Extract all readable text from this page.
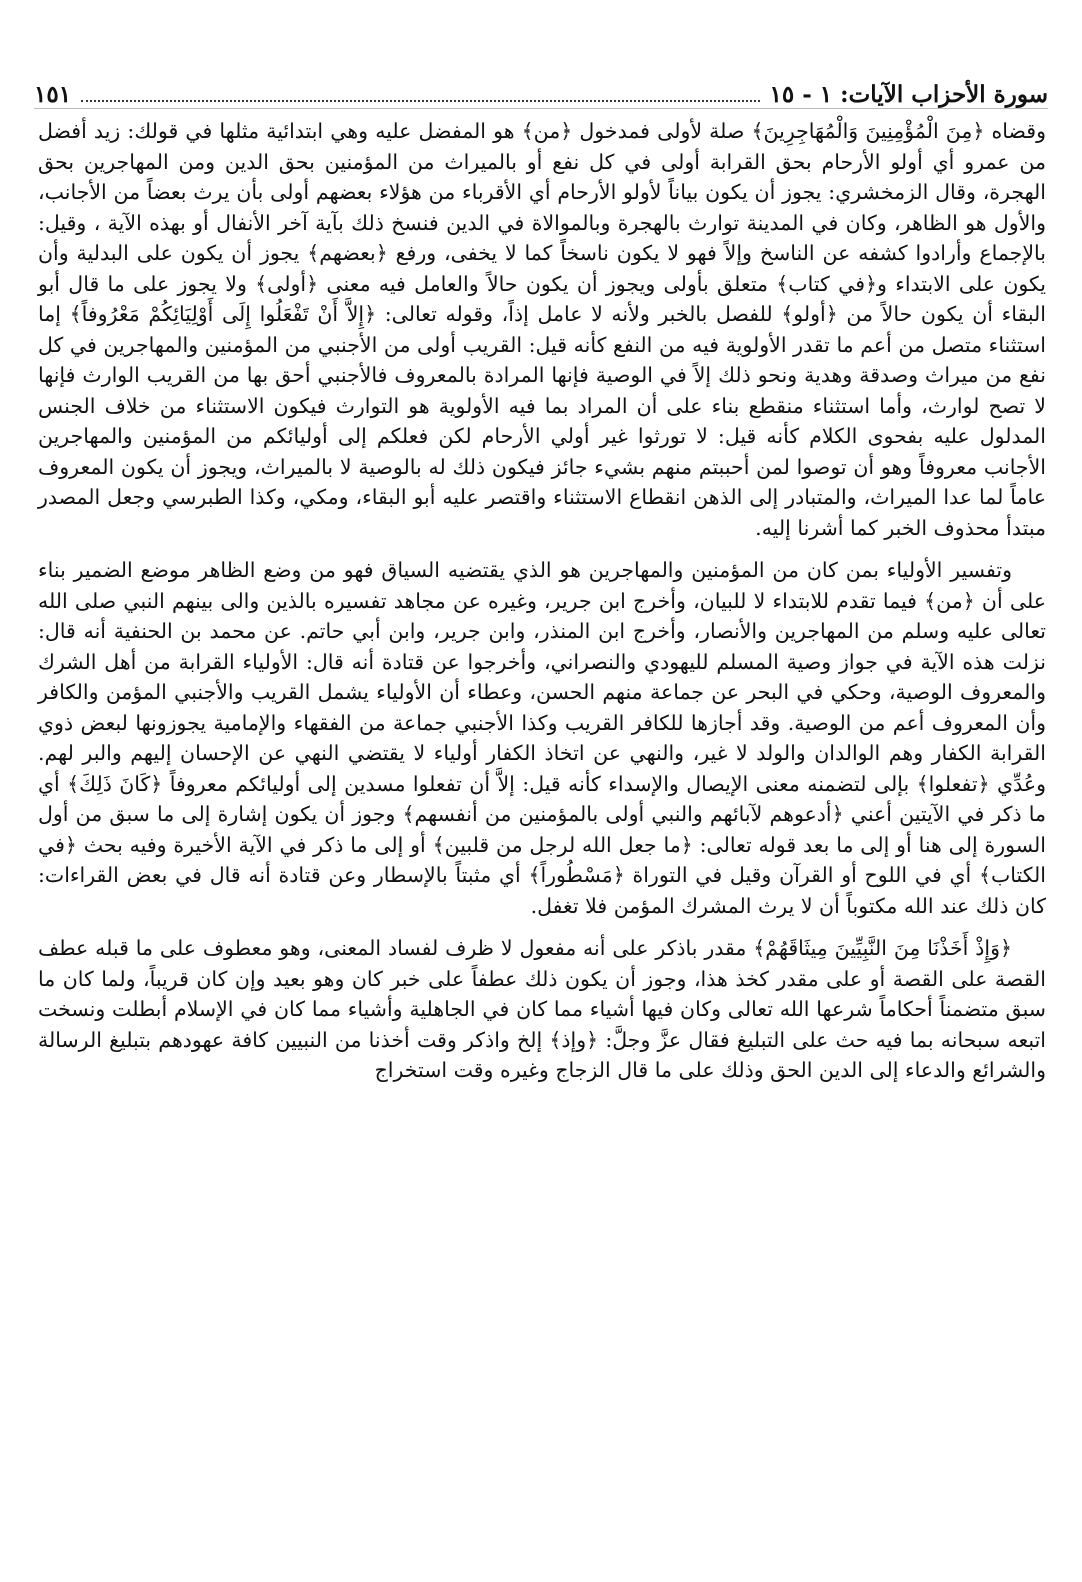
سورة الأحزاب الآيات: ١ - ١٥
١٥١

وقضاه ﴿مِنَ الْمُؤْمِنِينَ وَالْمُهَاجِرِينَ﴾ صلة لأولى فمدخول ﴿من﴾ هو المفضل عليه وهي ابتدائية مثلها في قولك: زيد أفضل من عمرو أي أولو الأرحام بحق القرابة أولى في كل نفع أو بالميراث من المؤمنين بحق الدين ومن المهاجرين بحق الهجرة، وقال الزمخشري: يجوز أن يكون بياناً لأولو الأرحام أي الأقرباء من هؤلاء بعضهم أولى بأن يرث بعضاً من الأجانب، والأول هو الظاهر، وكان في المدينة توارث بالهجرة وبالموالاة في الدين فنسخ ذلك بآية آخر الأنفال أو بهذه الآية ، وقيل: بالإجماع وأرادوا كشفه عن الناسخ وإلاً فهو لا يكون ناسخاً كما لا يخفى، ورفع ﴿بعضهم﴾ يجوز أن يكون على البدلية وأن يكون على الابتداء و﴿في كتاب﴾ متعلق بأولى ويجوز أن يكون حالاً والعامل فيه معنى ﴿أولى﴾ ولا يجوز على ما قال أبو البقاء أن يكون حالاً من ﴿أولو﴾ للفصل بالخبر ولأنه لا عامل إذاً، وقوله تعالى: ﴿إِلاَّ أَنْ تَفْعَلُوا إِلَى أَوْلِيَائِكُمْ مَعْرُوفاً﴾ إما استثناء متصل من أعم ما تقدر الأولوية فيه من النفع كأنه قيل: القريب أولى من الأجنبي من المؤمنين والمهاجرين في كل نفع من ميراث وصدقة وهدية ونحو ذلك إلاً في الوصية فإنها المرادة بالمعروف فالأجنبي أحق بها من القريب الوارث فإنها لا تصح لوارث، وأما استثناء منقطع بناء على أن المراد بما فيه الأولوية هو التوارث فيكون الاستثناء من خلاف الجنس المدلول عليه بفحوى الكلام كأنه قيل: لا تورثوا غير أولي الأرحام لكن فعلكم إلى أوليائكم من المؤمنين والمهاجرين الأجانب معروفاً وهو أن توصوا لمن أحببتم منهم بشيء جائز فيكون ذلك له بالوصية لا بالميراث، ويجوز أن يكون المعروف عاماً لما عدا الميراث، والمتبادر إلى الذهن انقطاع الاستثناء واقتصر عليه أبو البقاء، ومكي، وكذا الطبرسي وجعل المصدر مبتدأ محذوف الخبر كما أشرنا إليه.

وتفسير الأولياء بمن كان من المؤمنين والمهاجرين هو الذي يقتضيه السياق فهو من وضع الظاهر موضع الضمير بناء على أن ﴿من﴾ فيما تقدم للابتداء لا للبيان، وأخرج ابن جرير، وغيره عن مجاهد تفسيره بالذين والى بينهم النبي صلى الله تعالى عليه وسلم من المهاجرين والأنصار، وأخرج ابن المنذر، وابن جرير، وابن أبي حاتم. عن محمد بن الحنفية أنه قال: نزلت هذه الآية في جواز وصية المسلم لليهودي والنصراني، وأخرجوا عن قتادة أنه قال: الأولياء القرابة من أهل الشرك والمعروف الوصية، وحكي في البحر عن جماعة منهم الحسن، وعطاء أن الأولياء يشمل القريب والأجنبي المؤمن والكافر وأن المعروف أعم من الوصية. وقد أجازها للكافر القريب وكذا الأجنبي جماعة من الفقهاء والإمامية يجوزونها لبعض ذوي القرابة الكفار وهم الوالدان والولد لا غير، والنهي عن اتخاذ الكفار أولياء لا يقتضي النهي عن الإحسان إليهم والبر لهم. وعُدِّي ﴿تفعلوا﴾ بإلى لتضمنه معنى الإيصال والإسداء كأنه قيل: إلاَّ أن تفعلوا مسدين إلى أوليائكم معروفاً ﴿كَانَ ذَلِكَ﴾ أي ما ذكر في الآيتين أعني ﴿أدعوهم لآبائهم والنبي أولى بالمؤمنين من أنفسهم﴾ وجوز أن يكون إشارة إلى ما سبق من أول السورة إلى هنا أو إلى ما بعد قوله تعالى: ﴿ما جعل الله لرجل من قلبين﴾ أو إلى ما ذكر في الآية الأخيرة وفيه بحث ﴿في الكتاب﴾ أي في اللوح أو القرآن وقيل في التوراة ﴿مَسْطُوراً﴾ أي مثبتاً بالإسطار وعن قتادة أنه قال في بعض القراءات: كان ذلك عند الله مكتوباً أن لا يرث المشرك المؤمن فلا تغفل.

﴿وَإِذْ أَخَذْنَا مِنَ النَّبِيِّينَ مِيثَاقَهُمْ﴾ مقدر باذكر على أنه مفعول لا ظرف لفساد المعنى، وهو معطوف على ما قبله عطف القصة على القصة أو على مقدر كخذ هذا، وجوز أن يكون ذلك عطفاً على خبر كان وهو بعيد وإن كان قريباً، ولما كان ما سبق متضمناً أحكاماً شرعها الله تعالى وكان فيها أشياء مما كان في الجاهلية وأشياء مما كان في الإسلام أبطلت ونسخت اتبعه سبحانه بما فيه حث على التبليغ فقال عزَّ وجلَّ: ﴿وإذ﴾ إلخ واذكر وقت أخذنا من النبيين كافة عهودهم بتبليغ الرسالة والشرائع والدعاء إلى الدين الحق وذلك على ما قال الزجاج وغيره وقت استخراج
